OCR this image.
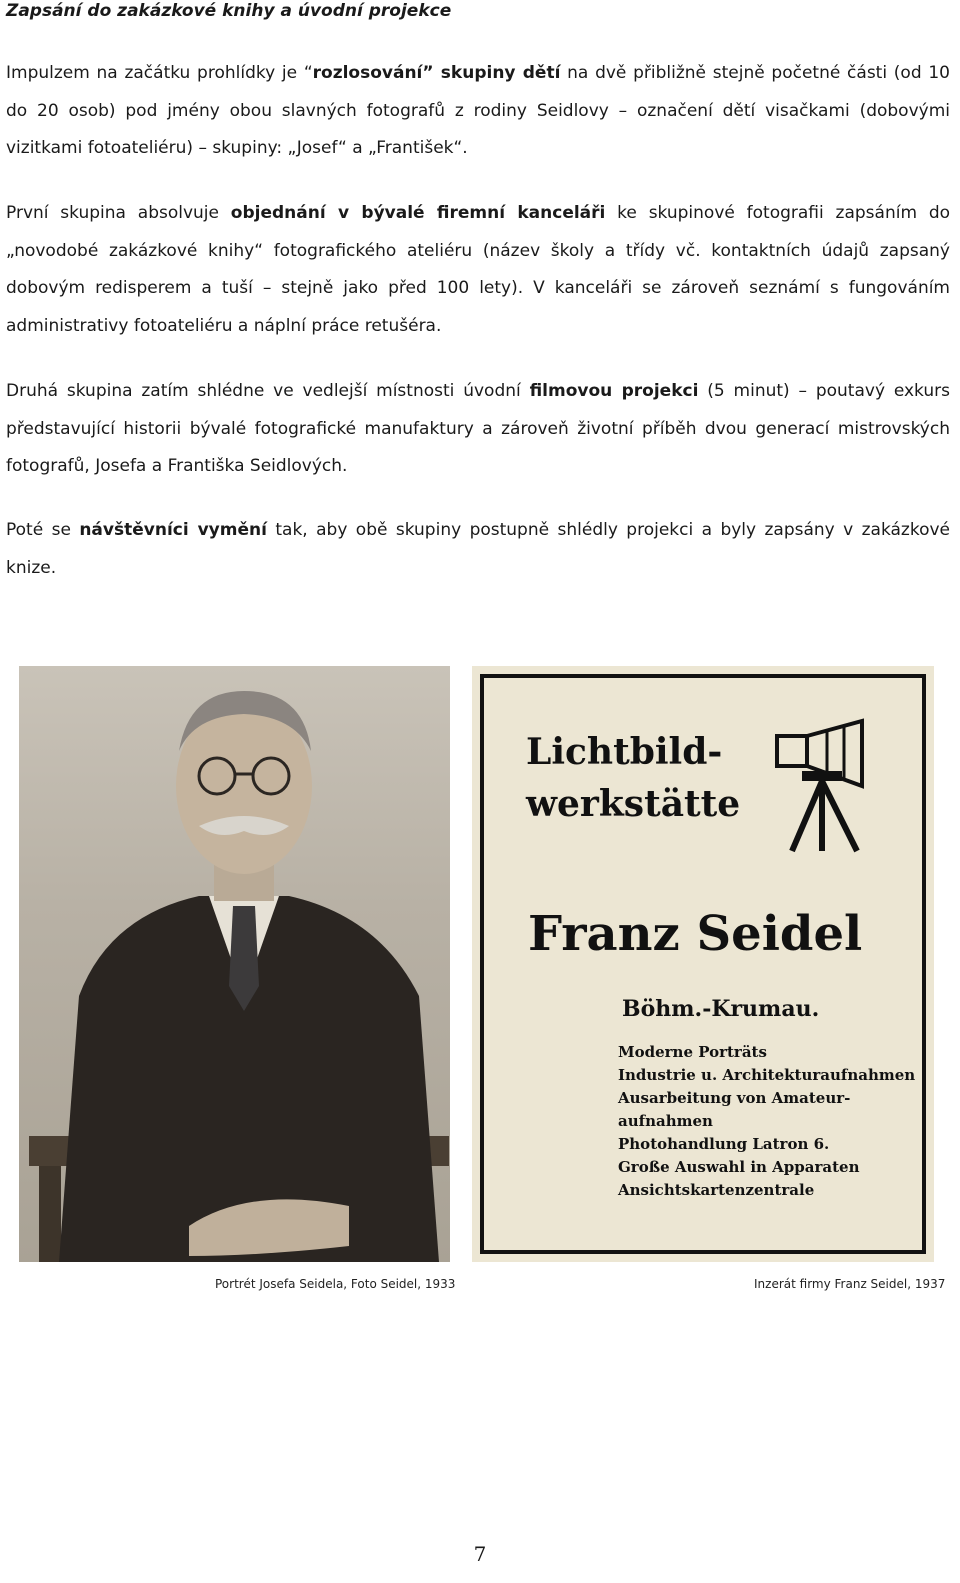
Zapsání do zakázkové knihy a úvodní projekce

Impulzem na začátku prohlídky je “rozlosování” skupiny dětí na dvě přibližně stejně početné části (od 10 do 20 osob) pod jmény obou slavných fotografů z rodiny Seidlovy – označení dětí visačkami (dobovými vizitkami fotoateliéru) – skupiny: „Josef“ a „František“.

První skupina absolvuje objednání v bývalé firemní kanceláři ke skupinové fotografii zapsáním do „novodobé zakázkové knihy“ fotografického ateliéru (název školy a třídy vč. kontaktních údajů zapsaný dobovým redisperem a tuší – stejně jako před 100 lety). V kanceláři se zároveň seznámí s fungováním administrativy fotoateliéru a náplní práce retušéra.

Druhá skupina zatím shlédne ve vedlejší místnosti úvodní filmovou projekci (5 minut) – poutavý exkurs představující historii bývalé fotografické manufaktury a zároveň životní příběh dvou generací mistrovských fotografů, Josefa a Františka Seidlových.

Poté se návštěvníci vymění tak, aby obě skupiny postupně shlédly projekci a byly zapsány v zakázkové knize.

Lichtbild-
werkstätte
Franz Seidel
Böhm.-Krumau.
Moderne Porträts
Industrie u. Architekturaufnahmen
Ausarbeitung von Amateur-
aufnahmen
Photohandlung Latron 6.
Große Auswahl in Apparaten
Ansichtskartenzentrale
Portrét Josefa Seidela, Foto Seidel, 1933	Inzerát firmy Franz Seidel, 1937
7
